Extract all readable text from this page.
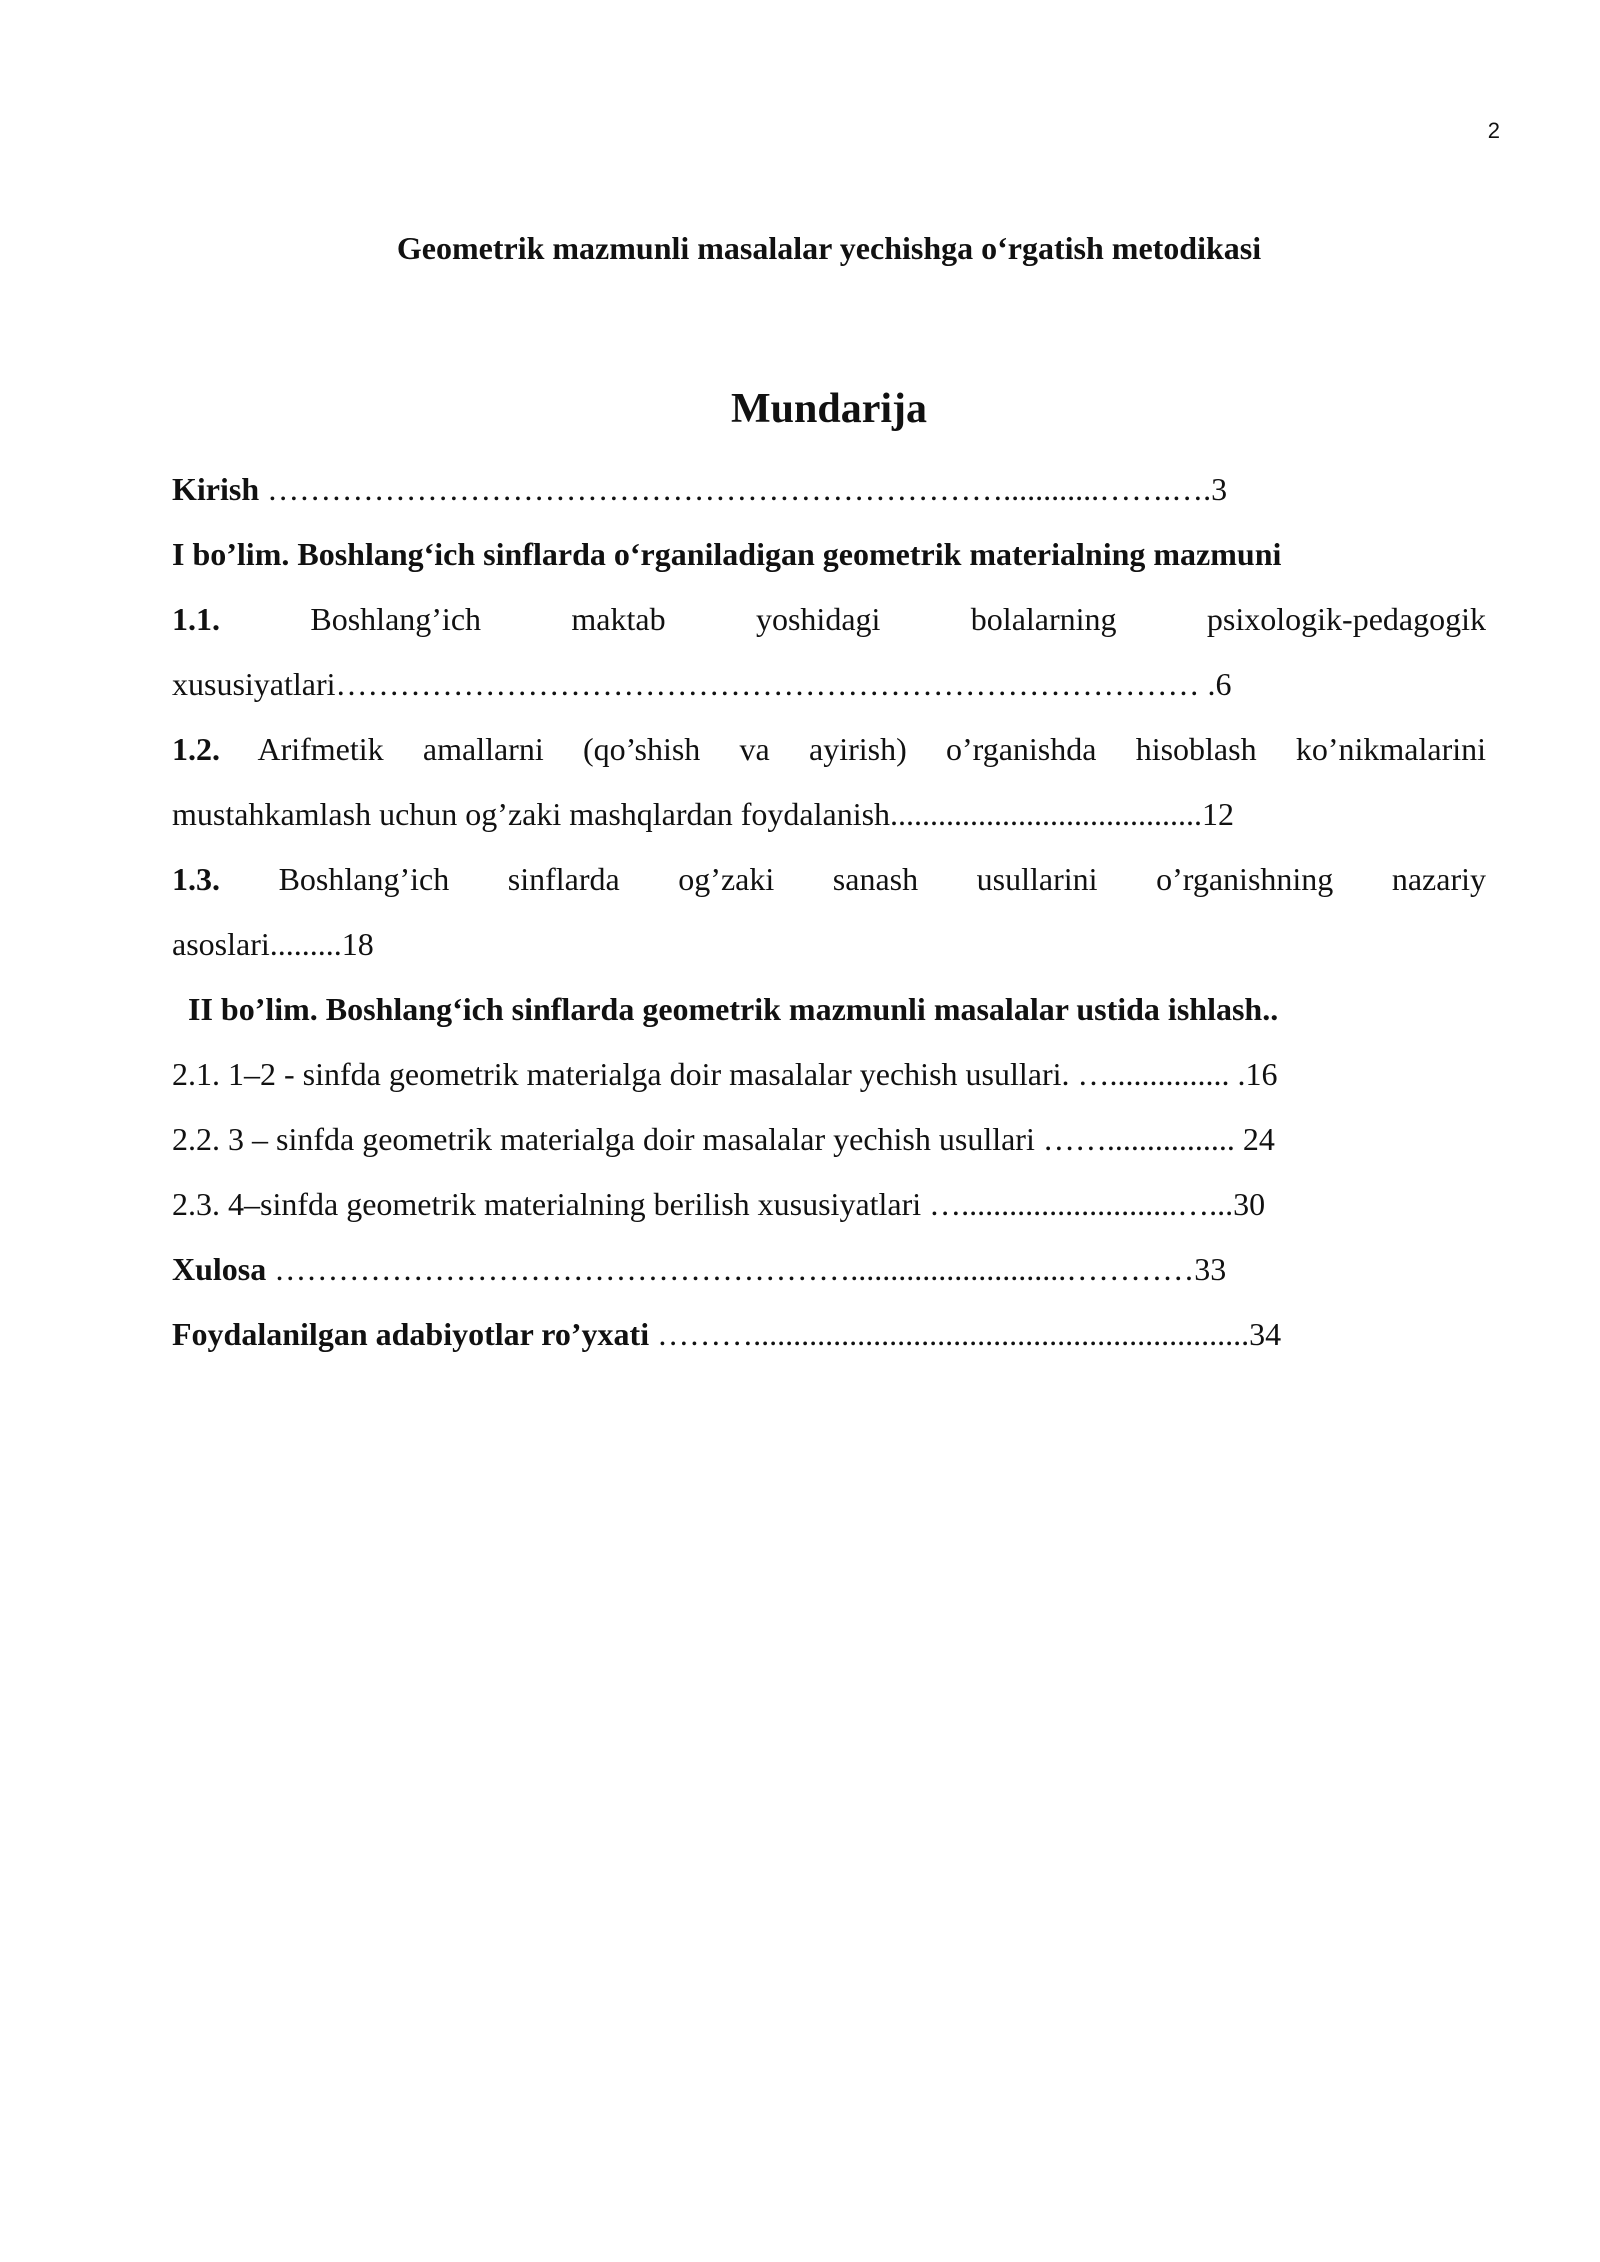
2
Geometrik mazmunli masalalar yechishga o‘rgatish metodikasi
Mundarija
Kirish ……………………………………………………………............…….….3
I bo’lim. Boshlang‘ich sinflarda o‘rganiladigan geometrik materialning mazmuni
1.1. Boshlang’ich maktab yoshidagi bolalarning psixologik-pedagogik
xususiyatlari……………………………………………………………………… .6
1.2. Arifmetik amallarni (qo’shish va ayirish) o’rganishda hisoblash ko’nikmalarini
mustahkamlash uchun og’zaki mashqlardan foydalanish.......................................12
1.3. Boshlang’ich sinflarda og’zaki sanash usullarini o’rganishning nazariy
asoslari.........18
II bo’lim. Boshlang‘ich sinflarda geometrik mazmunli masalalar ustida ishlash..
2.1. 1–2 - sinfda geometrik materialga doir masalalar yechish usullari. …............... .16
2.2. 3 – sinfda geometrik materialga doir masalalar yechish usullari ……................ 24
2.3. 4–sinfda geometrik materialning berilish xususiyatlari …...........................…...30
Xulosa ………………………………………………...........................…………33
Foydalanilgan adabiyotlar ro’yxati ………..............................................................34
